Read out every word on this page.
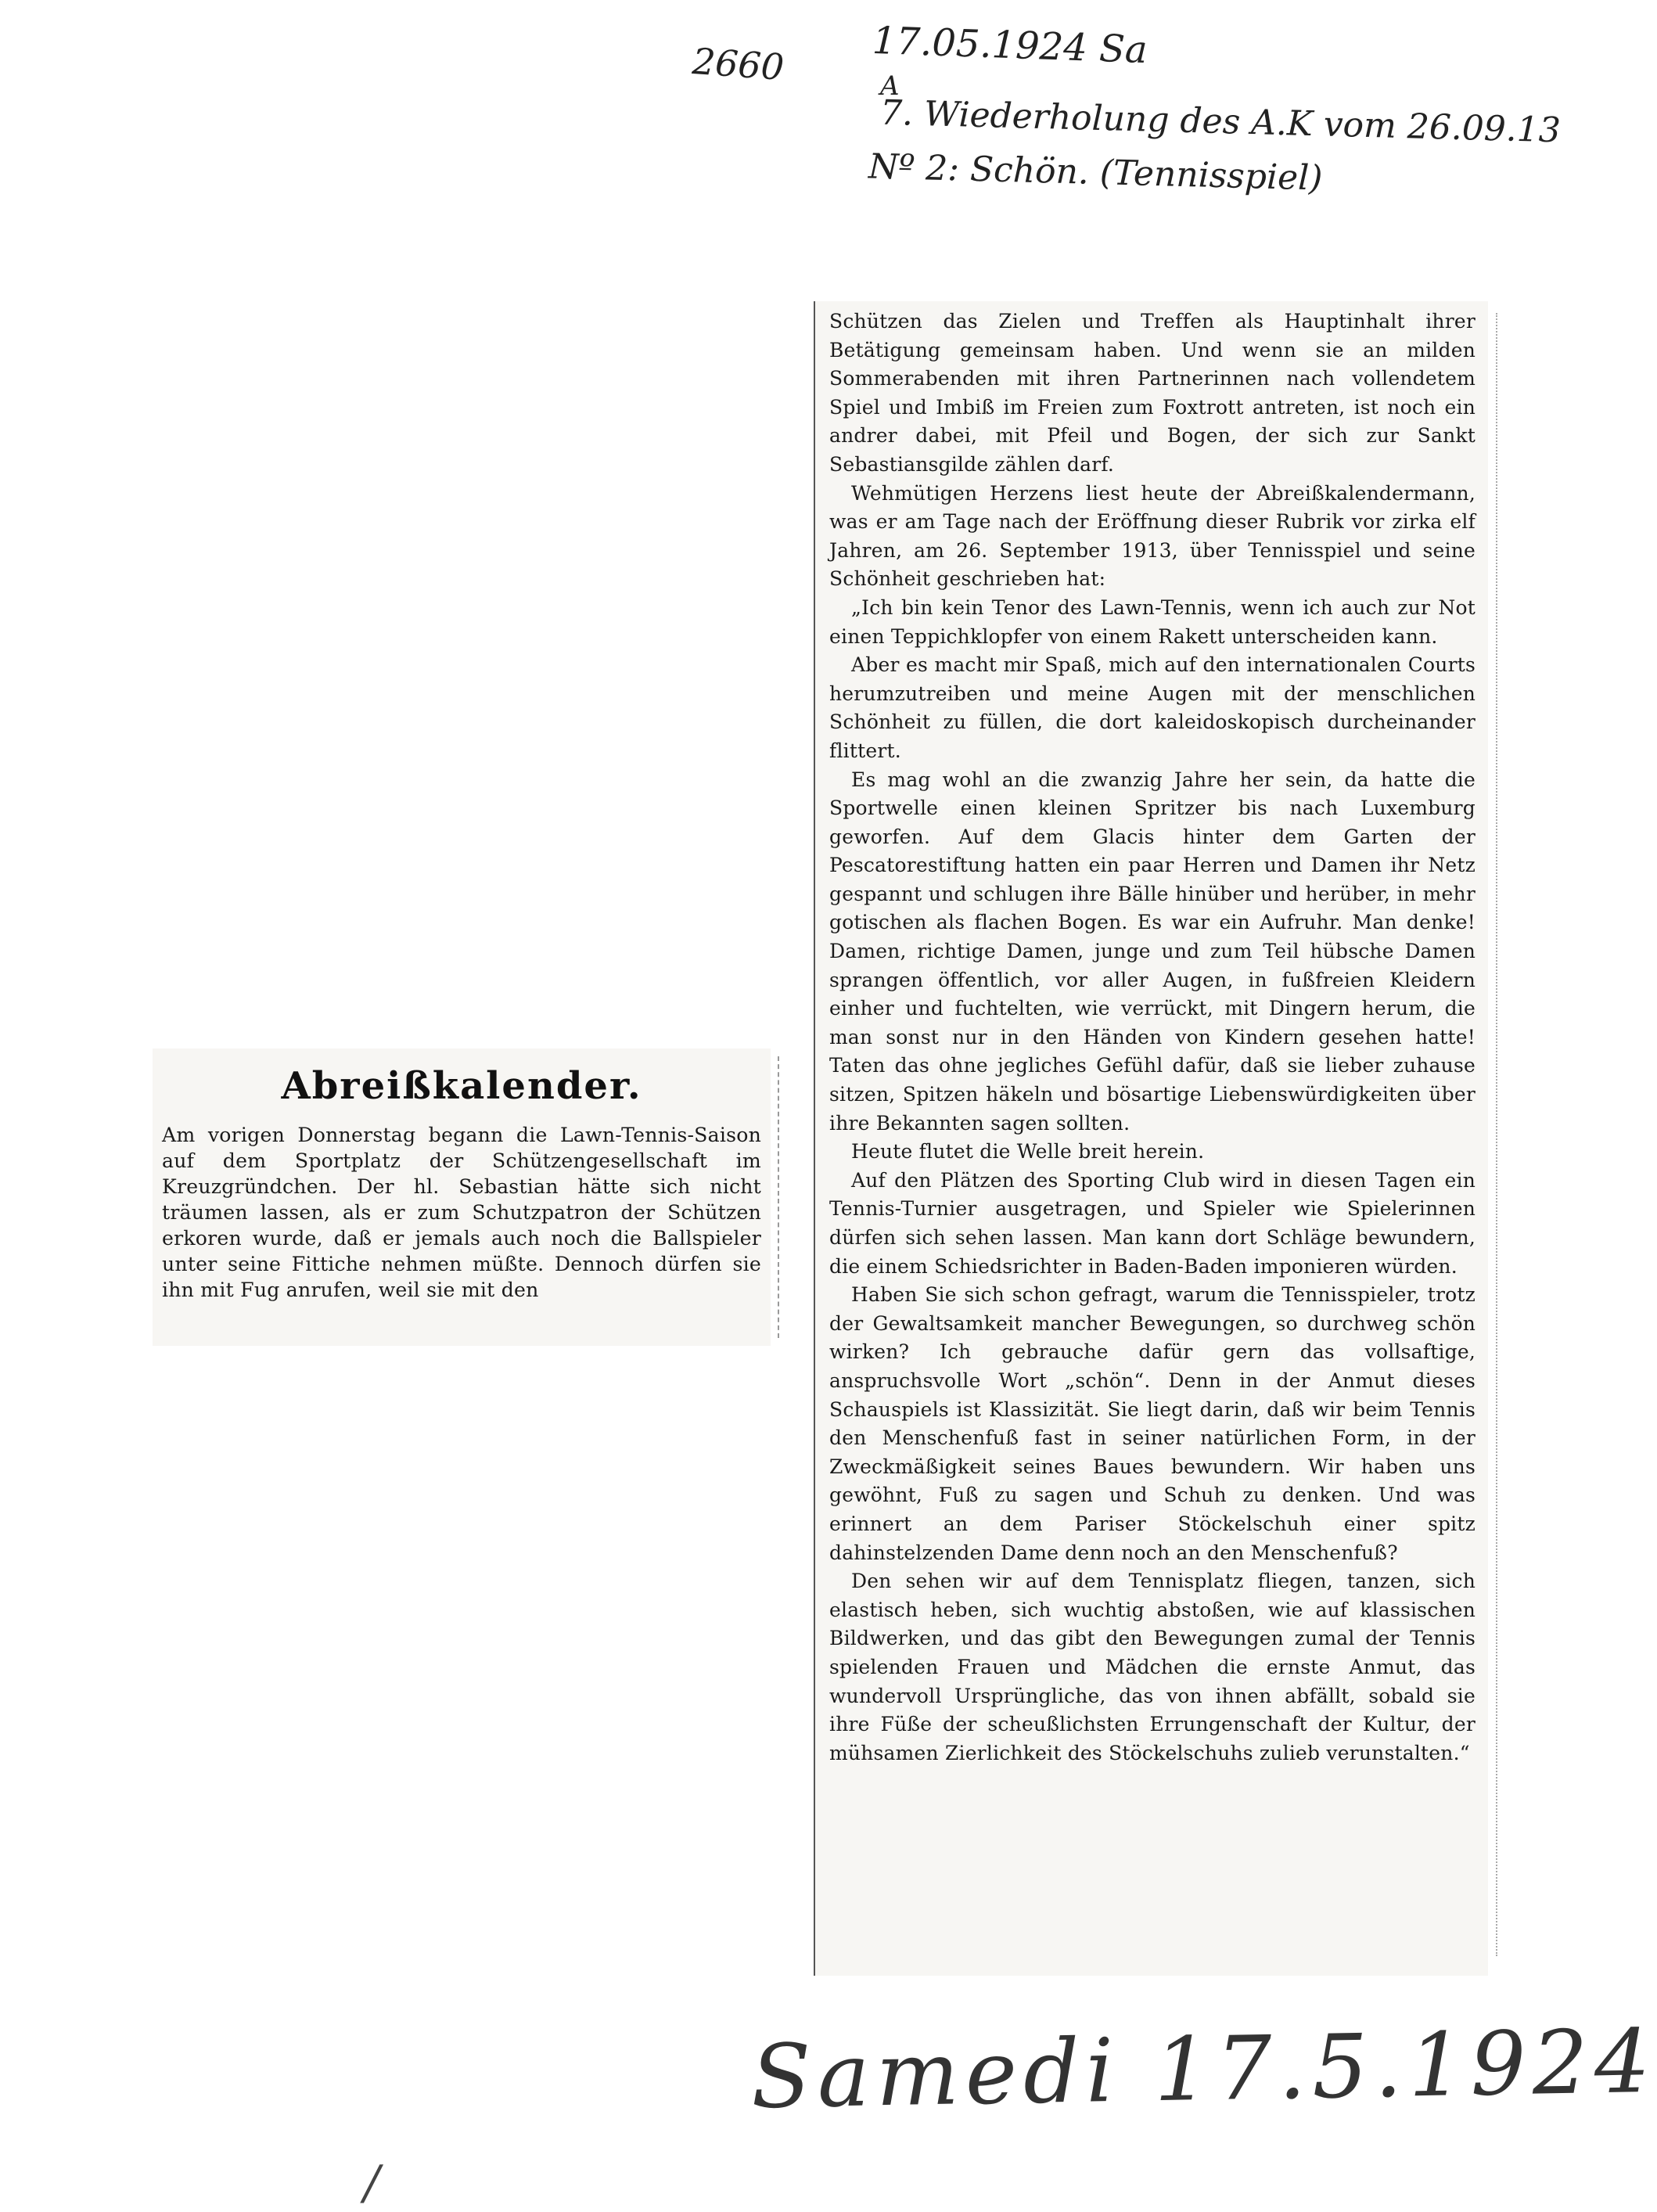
2660 17.05.1924 Sa
A
7. Wiederholung des A.K vom 26.09.13
Nº 2: Schön. (Tennisspiel)
Abreißkalender.
Am vorigen Donnerstag begann die Lawn-Tennis-Saison auf dem Sportplatz der Schützengesellschaft im Kreuzgründchen. Der hl. Sebastian hätte sich nicht träumen lassen, als er zum Schutzpatron der Schützen erkoren wurde, daß er jemals auch noch die Ballspieler unter seine Fittiche nehmen müßte. Dennoch dürfen sie ihn mit Fug anrufen, weil sie mit den

Schützen das Zielen und Treffen als Hauptinhalt ihrer Betätigung gemeinsam haben. Und wenn sie an milden Sommerabenden mit ihren Partnerinnen nach vollendetem Spiel und Imbiß im Freien zum Foxtrott antreten, ist noch ein andrer dabei, mit Pfeil und Bogen, der sich zur Sankt Sebastiansgilde zählen darf.

Wehmütigen Herzens liest heute der Abreißkalendermann, was er am Tage nach der Eröffnung dieser Rubrik vor zirka elf Jahren, am 26. September 1913, über Tennisspiel und seine Schönheit geschrieben hat:

„Ich bin kein Tenor des Lawn-Tennis, wenn ich auch zur Not einen Teppichklopfer von einem Rakett unterscheiden kann.

Aber es macht mir Spaß, mich auf den internationalen Courts herumzutreiben und meine Augen mit der menschlichen Schönheit zu füllen, die dort kaleidoskopisch durcheinander flittert.

Es mag wohl an die zwanzig Jahre her sein, da hatte die Sportwelle einen kleinen Spritzer bis nach Luxemburg geworfen. Auf dem Glacis hinter dem Garten der Pescatorestiftung hatten ein paar Herren und Damen ihr Netz gespannt und schlugen ihre Bälle hinüber und herüber, in mehr gotischen als flachen Bogen. Es war ein Aufruhr. Man denke! Damen, richtige Damen, junge und zum Teil hübsche Damen sprangen öffentlich, vor aller Augen, in fußfreien Kleidern einher und fuchtelten, wie verrückt, mit Dingern herum, die man sonst nur in den Händen von Kindern gesehen hatte! Taten das ohne jegliches Gefühl dafür, daß sie lieber zuhause sitzen, Spitzen häkeln und bösartige Liebenswürdigkeiten über ihre Bekannten sagen sollten.

Heute flutet die Welle breit herein.

Auf den Plätzen des Sporting Club wird in diesen Tagen ein Tennis-Turnier ausgetragen, und Spieler wie Spielerinnen dürfen sich sehen lassen. Man kann dort Schläge bewundern, die einem Schiedsrichter in Baden-Baden imponieren würden.

Haben Sie sich schon gefragt, warum die Tennisspieler, trotz der Gewaltsamkeit mancher Bewegungen, so durchweg schön wirken? Ich gebrauche dafür gern das vollsaftige, anspruchsvolle Wort „schön“. Denn in der Anmut dieses Schauspiels ist Klassizität. Sie liegt darin, daß wir beim Tennis den Menschenfuß fast in seiner natürlichen Form, in der Zweckmäßigkeit seines Baues bewundern. Wir haben uns gewöhnt, Fuß zu sagen und Schuh zu denken. Und was erinnert an dem Pariser Stöckelschuh einer spitz dahinstelzenden Dame denn noch an den Menschenfuß?

Den sehen wir auf dem Tennisplatz fliegen, tanzen, sich elastisch heben, sich wuchtig abstoßen, wie auf klassischen Bildwerken, und das gibt den Bewegungen zumal der Tennis spielenden Frauen und Mädchen die ernste Anmut, das wundervoll Ursprüngliche, das von ihnen abfällt, sobald sie ihre Füße der scheußlichsten Errungenschaft der Kultur, der mühsamen Zierlichkeit des Stöckelschuhs zulieb verunstalten.“

Samedi 17.5.1924
/
